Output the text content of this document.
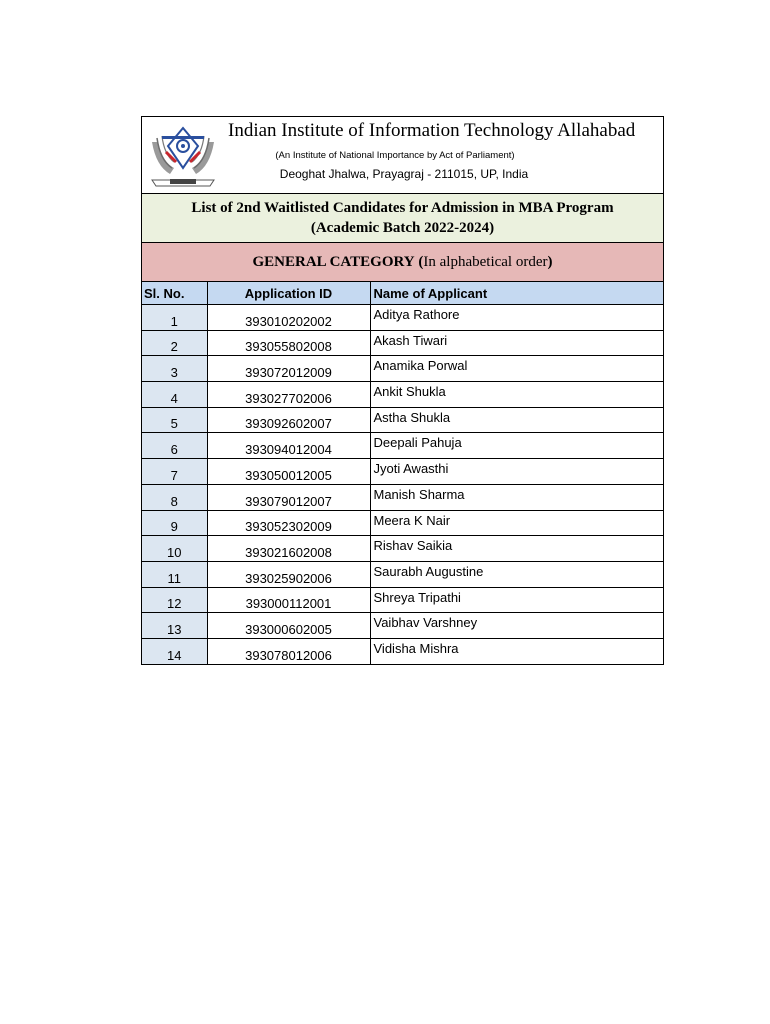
Indian Institute of Information Technology Allahabad
(An Institute of National Importance by Act of Parliament)
Deoghat Jhalwa, Prayagraj - 211015, UP, India
List of 2nd Waitlisted Candidates for Admission in MBA Program
(Academic Batch 2022-2024)
GENERAL CATEGORY (In alphabetical order)
Sl. No.	Application ID	Name of Applicant
1	393010202002	Aditya Rathore
2	393055802008	Akash Tiwari
3	393072012009	Anamika Porwal
4	393027702006	Ankit Shukla
5	393092602007	Astha Shukla
6	393094012004	Deepali Pahuja
7	393050012005	Jyoti Awasthi
8	393079012007	Manish Sharma
9	393052302009	Meera K Nair
10	393021602008	Rishav Saikia
11	393025902006	Saurabh Augustine
12	393000112001	Shreya Tripathi
13	393000602005	Vaibhav Varshney
14	393078012006	Vidisha Mishra
